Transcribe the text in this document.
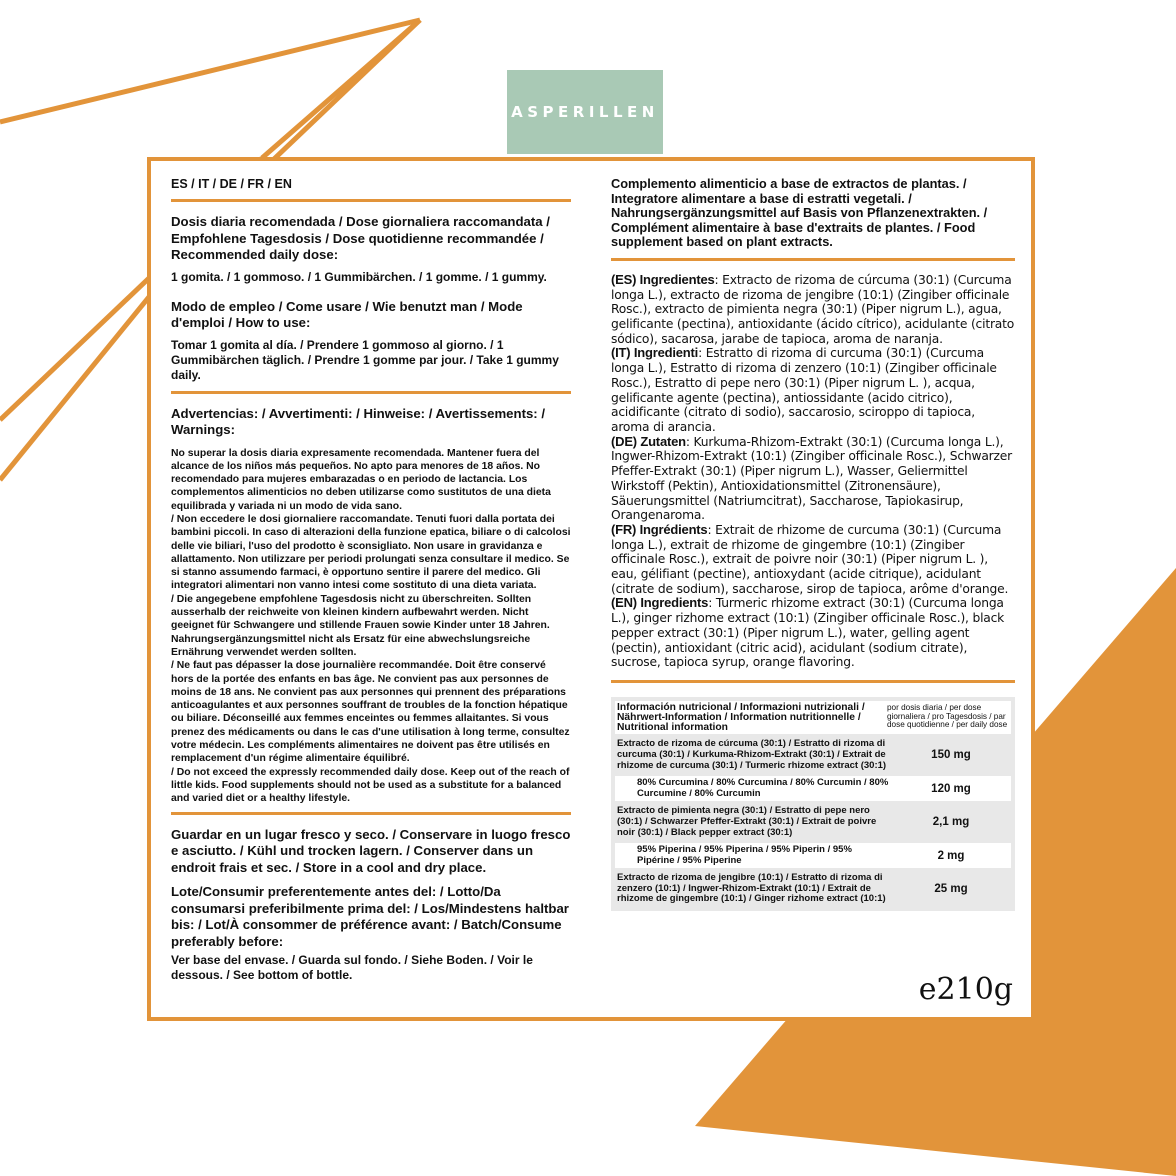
ASPERILLEN
ES / IT / DE / FR / EN
Dosis diaria recomendada / Dose giornaliera raccomandata / Empfohlene Tagesdosis / Dose quotidienne recommandée / Recommended daily dose:
1 gomita. / 1 gommoso. / 1 Gummibärchen. / 1 gomme. / 1 gummy.
Modo de empleo / Come usare / Wie benutzt man / Mode d'emploi / How to use:
Tomar 1 gomita al día. / Prendere 1 gommoso al giorno. / 1 Gummibärchen täglich. / Prendre 1 gomme par jour. / Take 1 gummy daily.
Advertencias: / Avvertimenti: / Hinweise: / Avertissements: / Warnings:

No superar la dosis diaria expresamente recomendada. Mantener fuera del alcance de los niños más pequeños. No apto para menores de 18 años. No recomendado para mujeres embarazadas o en periodo de lactancia. Los complementos alimenticios no deben utilizarse como sustitutos de una dieta equilibrada y variada ni un modo de vida sano.

/ Non eccedere le dosi giornaliere raccomandate. Tenuti fuori dalla portata dei bambini piccoli. In caso di alterazioni della funzione epatica, biliare o di calcolosi delle vie biliari, l'uso del prodotto è sconsigliato. Non usare in gravidanza e allattamento. Non utilizzare per periodi prolungati senza consultare il medico. Se si stanno assumendo farmaci, è opportuno sentire il parere del medico. Gli integratori alimentari non vanno intesi come sostituto di una dieta variata.

/ Die angegebene empfohlene Tagesdosis nicht zu überschreiten. Sollten ausserhalb der reichweite von kleinen kindern aufbewahrt werden. Nicht geeignet für Schwangere und stillende Frauen sowie Kinder unter 18 Jahren. Nahrungsergänzungsmittel nicht als Ersatz für eine abwechslungsreiche Ernährung verwendet werden sollten.

/ Ne faut pas dépasser la dose journalière recommandée. Doit être conservé hors de la portée des enfants en bas âge. Ne convient pas aux personnes de moins de 18 ans. Ne convient pas aux personnes qui prennent des préparations anticoagulantes et aux personnes souffrant de troubles de la fonction hépatique ou biliare. Déconseillé aux femmes enceintes ou femmes allaitantes. Si vous prenez des médicaments ou dans le cas d'une utilisation à long terme, consultez votre médecin. Les compléments alimentaires ne doivent pas être utilisés en remplacement d'un régime alimentaire équilibré.

/ Do not exceed the expressly recommended daily dose. Keep out of the reach of little kids. Food supplements should not be used as a substitute for a balanced and varied diet or a healthy lifestyle.

Guardar en un lugar fresco y seco. / Conservare in luogo fresco e asciutto. / Kühl und trocken lagern. / Conserver dans un endroit frais et sec. / Store in a cool and dry place.
Lote/Consumir preferentemente antes del: / Lotto/Da consumarsi preferibilmente prima del: / Los/Mindestens haltbar bis: / Lot/À consommer de préférence avant: / Batch/Consume preferably before:
Ver base del envase. / Guarda sul fondo. / Siehe Boden. / Voir le dessous. / See bottom of bottle.
Complemento alimenticio a base de extractos de plantas. / Integratore alimentare a base di estratti vegetali. / Nahrungsergänzungsmittel auf Basis von Pflanzenextrakten. / Complément alimentaire à base d'extraits de plantes. / Food supplement based on plant extracts.

(ES) Ingredientes: Extracto de rizoma de cúrcuma (30:1) (Curcuma longa L.), extracto de rizoma de jengibre (10:1) (Zingiber officinale Rosc.), extracto de pimienta negra (30:1) (Piper nigrum L.), agua, gelificante (pectina), antioxidante (ácido cítrico), acidulante (citrato sódico), sacarosa, jarabe de tapioca, aroma de naranja.

(IT) Ingredienti: Estratto di rizoma di curcuma (30:1) (Curcuma longa L.), Estratto di rizoma di zenzero (10:1) (Zingiber officinale Rosc.), Estratto di pepe nero (30:1) (Piper nigrum L. ), acqua, gelificante agente (pectina), antiossidante (acido citrico), acidificante (citrato di sodio), saccarosio, sciroppo di tapioca, aroma di arancia.

(DE) Zutaten: Kurkuma-Rhizom-Extrakt (30:1) (Curcuma longa L.), Ingwer-Rhizom-Extrakt (10:1) (Zingiber officinale Rosc.), Schwarzer Pfeffer-Extrakt (30:1) (Piper nigrum L.), Wasser, Geliermittel Wirkstoff (Pektin), Antioxidationsmittel (Zitronensäure), Säuerungsmittel (Natriumcitrat), Saccharose, Tapiokasirup, Orangenaroma.

(FR) Ingrédients: Extrait de rhizome de curcuma (30:1) (Curcuma longa L.), extrait de rhizome de gingembre (10:1) (Zingiber officinale Rosc.), extrait de poivre noir (30:1) (Piper nigrum L. ), eau, gélifiant (pectine), antioxydant (acide citrique), acidulant (citrate de sodium), saccharose, sirop de tapioca, arôme d'orange.

(EN) Ingredients: Turmeric rhizome extract (30:1) (Curcuma longa L.), ginger rizhome extract (10:1) (Zingiber officinale Rosc.), black pepper extract (30:1) (Piper nigrum L.), water, gelling agent (pectin), antioxidant (citric acid), acidulant (sodium citrate), sucrose, tapioca syrup, orange flavoring.

Información nutricional / Informazioni nutrizionali / Nährwert-Information / Information nutritionnelle / Nutritional information
por dosis diaria / per dose giornaliera / pro Tagesdosis / par dose quotidienne / per daily dose
Extracto de rizoma de cúrcuma (30:1) / Estratto di rizoma di curcuma (30:1) / Kurkuma-Rhizom-Extrakt (30:1) / Extrait de rhizome de curcuma (30:1) / Turmeric rhizome extract (30:1)
150 mg
80% Curcumina / 80% Curcumina / 80% Curcumin / 80% Curcumine / 80% Curcumin	120 mg
Extracto de pimienta negra (30:1) / Estratto di pepe nero (30:1) / Schwarzer Pfeffer-Extrakt (30:1) / Extrait de poivre noir (30:1) / Black pepper extract (30:1)
2,1 mg
95% Piperina / 95% Piperina / 95% Piperin / 95% Pipérine / 95% Piperine	2 mg
Extracto de rizoma de jengibre (10:1) / Estratto di rizoma di zenzero (10:1) / Ingwer-Rhizom-Extrakt (10:1) / Extrait de rhizome de gingembre (10:1) / Ginger rizhome extract (10:1)
25 mg
e210g
